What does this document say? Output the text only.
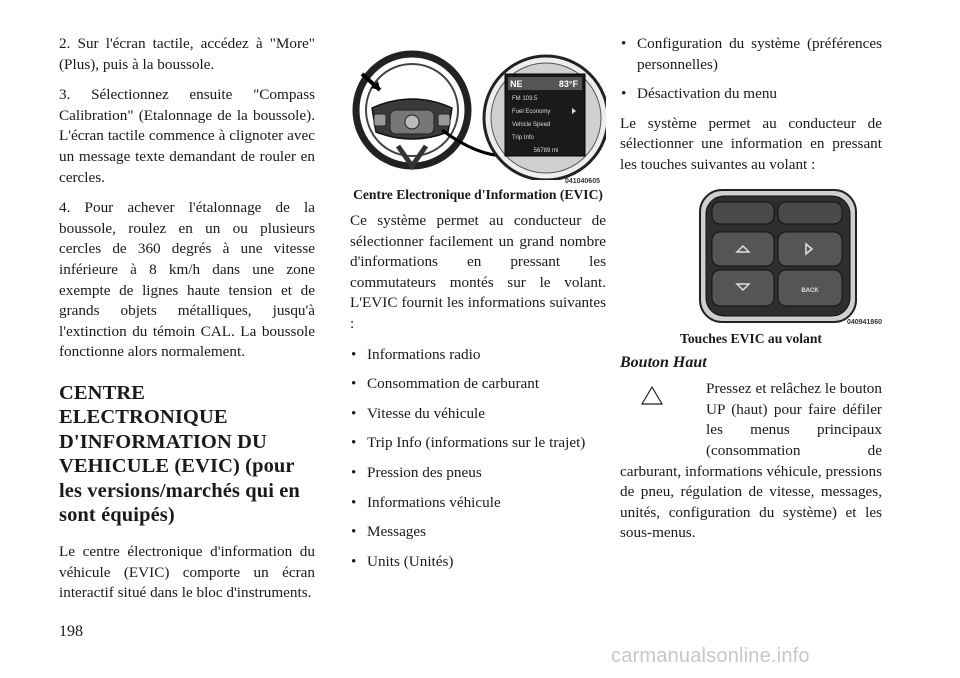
2. Sur l'écran tactile, accédez à "More" (Plus), puis à la boussole.

3. Sélectionnez ensuite "Compass Calibration" (Etalonnage de la boussole). L'écran tactile commence à clignoter avec un message texte demandant de rouler en cercles.

4. Pour achever l'étalonnage de la boussole, roulez en un ou plusieurs cercles de 360 degrés à une vitesse inférieure à 8 km/h dans une zone exempte de lignes haute tension et de grands objets métalliques, jusqu'à l'extinction du témoin CAL. La boussole fonctionne alors normalement.

CENTRE ELECTRONIQUE D'INFORMATION DU VEHICULE (EVIC) (pour les versions/marchés qui en sont équipés)

Le centre électronique d'information du véhicule (EVIC) comporte un écran interactif situé dans le bloc d'instruments.

NE	83°F
FM 103.5
Fuel Economy
Vehicle Speed
Trip Info
56789 mi
041040605
Centre Electronique d'Information (EVIC)

Ce système permet au conducteur de sélectionner facilement un grand nombre d'informations en pressant les commutateurs montés sur le volant. L'EVIC fournit les informations suivantes :

• Informations radio
• Consommation de carburant
• Vitesse du véhicule
• Trip Info (informations sur le trajet)
• Pression des pneus
• Informations véhicule
• Messages
• Units (Unités)
• Configuration du système (préférences personnelles)
• Désactivation du menu

Le système permet au conducteur de sélectionner une information en pressant les touches suivantes au volant :

BACK
040941860
Touches EVIC au volant
Bouton Haut

Pressez et relâchez le bouton UP (haut) pour faire défiler les menus principaux (consommation de carburant, informations véhicule, pressions de pneu, régulation de vitesse, messages, unités, configuration du système) et les sous-menus.

198
carmanualsonline.info
